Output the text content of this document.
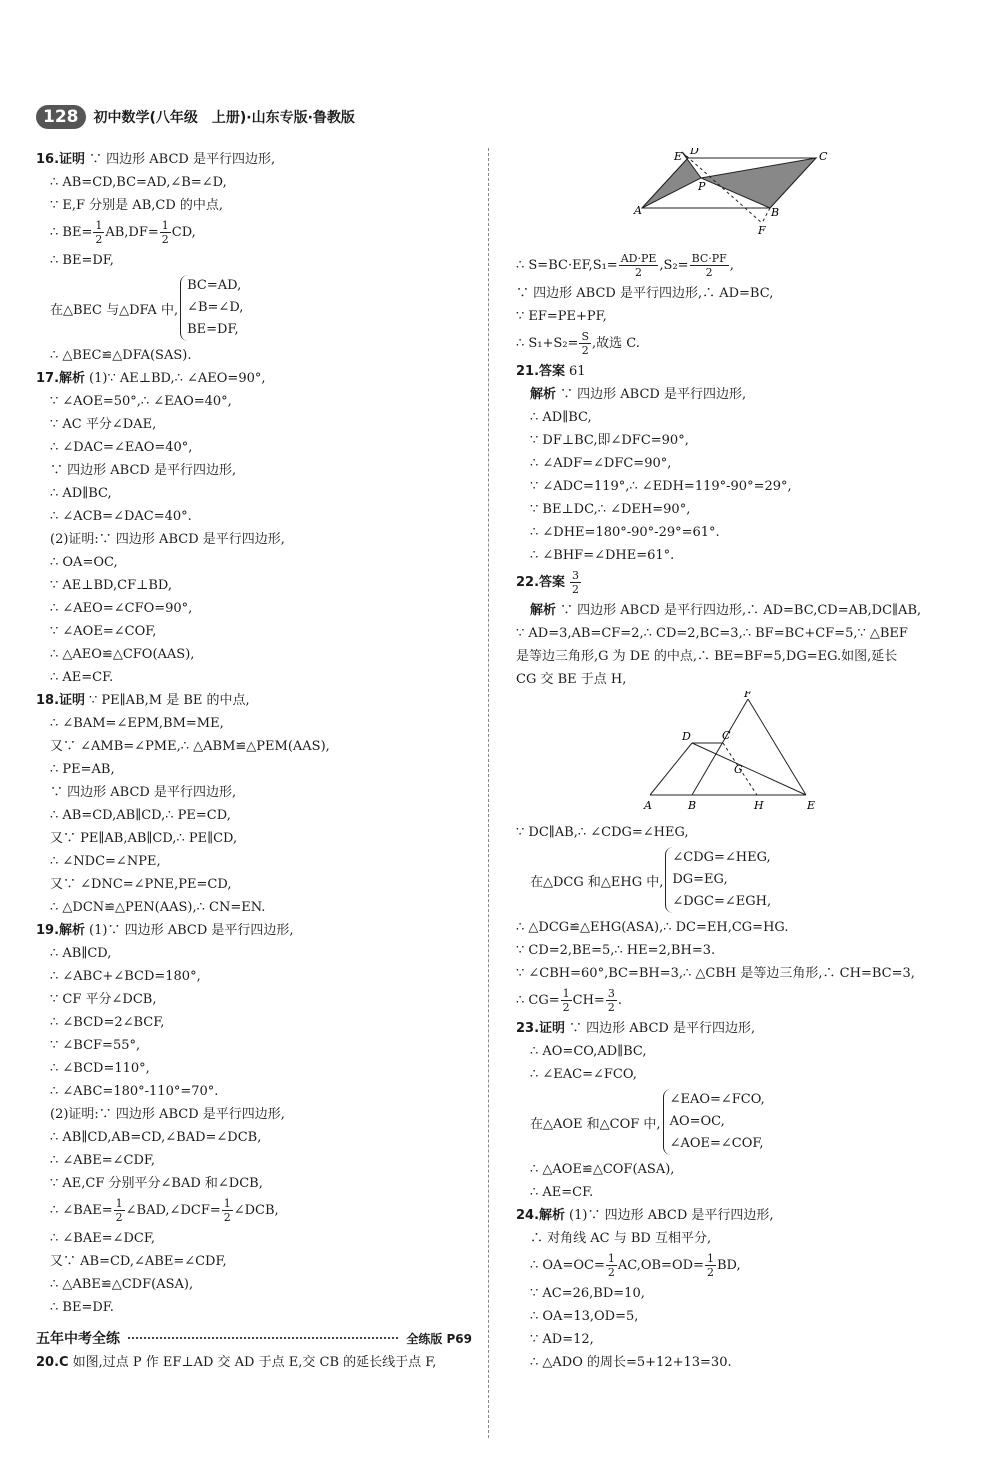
128	初中数学(八年级　上册)·山东专版·鲁教版
16.证明 ∵ 四边形 ABCD 是平行四边形,
∴ AB=CD,BC=AD,∠B=∠D,
∵ E,F 分别是 AB,CD 的中点,
∴ $BE= \frac{1}{2} AB,DF= \frac{1}{2}$ CD,
∴ BE=DF,
在△BEC 与△DFA 中,
BC=AD,
∠B=∠D,
BE=DF,
∴ △BEC≌△DFA(SAS).
17.解析 (1)∵ AE⊥BD,∴ ∠AEO=90°,
∵ ∠AOE=50°,∴ ∠EAO=40°,
∵ AC 平分∠DAE,
∴ ∠DAC=∠EAO=40°,
∵ 四边形 ABCD 是平行四边形,
∴ AD∥BC,
∴ ∠ACB=∠DAC=40°.
(2)证明:∵ 四边形 ABCD 是平行四边形,
∴ OA=OC,
∵ AE⊥BD,CF⊥BD,
∴ ∠AEO=∠CFO=90°,
∵ ∠AOE=∠COF,
∴ △AEO≌△CFO(AAS),
∴ AE=CF.
18.证明 ∵ PE∥AB,M 是 BE 的中点,
∴ ∠BAM=∠EPM,BM=ME,
又∵ ∠AMB=∠PME,∴ △ABM≌△PEM(AAS),
∴ PE=AB,
∵ 四边形 ABCD 是平行四边形,
∴ AB=CD,AB∥CD,∴ PE=CD,
又∵ PE∥AB,AB∥CD,∴ PE∥CD,
∴ ∠NDC=∠NPE,
又∵ ∠DNC=∠PNE,PE=CD,
∴ △DCN≌△PEN(AAS),∴ CN=EN.
19.解析 (1)∵ 四边形 ABCD 是平行四边形,
∴ AB∥CD,
∴ ∠ABC+∠BCD=180°,
∵ CF 平分∠DCB,
∴ ∠BCD=2∠BCF,
∵ ∠BCF=55°,
∴ ∠BCD=110°,
∴ ∠ABC=180°-110°=70°.
(2)证明:∵ 四边形 ABCD 是平行四边形,
∴ AB∥CD,AB=CD,∠BAD=∠DCB,
∴ ∠ABE=∠CDF,
∵ AE,CF 分别平分∠BAD 和∠DCB,
∴ ∠BAE= $\frac{1}{2}$ ∠BAD,∠DCF= $\frac{1}{2}$ ∠DCB,
∴ ∠BAE=∠DCF,
又∵ AB=CD,∠ABE=∠CDF,
∴ △ABE≌△CDF(ASA),
∴ BE=DF.
五年中考全练	全练版 P69
20.C 如图,过点 P 作 EF⊥AD 交 AD 于点 E,交 CB 的延长线于点 F,
A	B
C
D
E
F
P
∴ $S=BC\cdot EF,S_1= \frac{AD\cdot PE}{2} ,S_2= \frac{BC\cdot PF}{2}$ ,
∵ 四边形 ABCD 是平行四边形,∴ AD=BC,
∵ EF=PE+PF,
∴ $S_1+S_2= \frac{S}{2}$ ,故选 C.
21.答案 61
解析 ∵ 四边形 ABCD 是平行四边形,
∴ AD∥BC,
∵ DF⊥BC,即∠DFC=90°,
∴ ∠ADF=∠DFC=90°,
∵ ∠ADC=119°,∴ ∠EDH=119°-90°=29°,
∵ BE⊥DC,∴ ∠DEH=90°,
∴ ∠DHE=180°-90°-29°=61°.
∴ ∠BHF=∠DHE=61°.
22.答案 $\frac{3}{2}$
解析 ∵ 四边形 ABCD 是平行四边形,∴ AD=BC,CD=AB,DC∥AB,
∵ AD=3,AB=CF=2,∴ CD=2,BC=3,∴ BF=BC+CF=5,∵ △BEF
是等边三角形,G 为 DE 的中点,∴ BE=BF=5,DG=EG.如图,延长
CG 交 BE 于点 H,
A	B
C
D
E
F
G
H
∵ DC∥AB,∴ ∠CDG=∠HEG,
在△DCG 和△EHG 中,
∠CDG=∠HEG,
DG=EG,
∠DGC=∠EGH,
∴ △DCG≌△EHG(ASA),∴ DC=EH,CG=HG.
∵ CD=2,BE=5,∴ HE=2,BH=3.
∵ ∠CBH=60°,BC=BH=3,∴ △CBH 是等边三角形,∴ CH=BC=3,
∴ $CG= \frac{1}{2} CH= \frac{3}{2}$ .
23.证明 ∵ 四边形 ABCD 是平行四边形,
∴ AO=CO,AD∥BC,
∴ ∠EAC=∠FCO,
在△AOE 和△COF 中,
∠EAO=∠FCO,
AO=OC,
∠AOE=∠COF,
∴ △AOE≌△COF(ASA),
∴ AE=CF.
24.解析 (1)∵ 四边形 ABCD 是平行四边形,
∴ 对角线 AC 与 BD 互相平分,
∴ $OA=OC= \frac{1}{2} AC,OB=OD= \frac{1}{2}$ BD,
∵ AC=26,BD=10,
∴ OA=13,OD=5,
∵ AD=12,
∴ △ADO 的周长=5+12+13=30.
